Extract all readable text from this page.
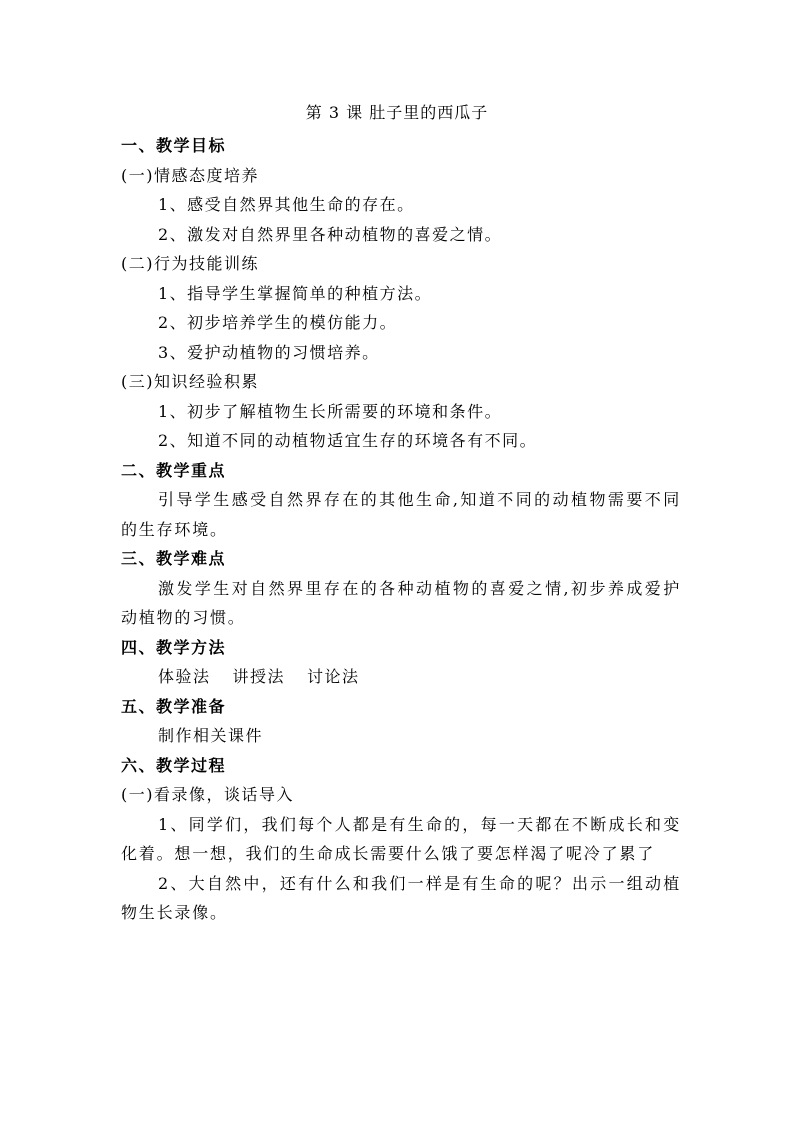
第 3 课 肚子里的西瓜子
一、教学目标
(一)情感态度培养
1、感受自然界其他生命的存在。
2、激发对自然界里各种动植物的喜爱之情。
(二)行为技能训练
1、指导学生掌握简单的种植方法。
2、初步培养学生的模仿能力。
3、爱护动植物的习惯培养。
(三)知识经验积累
1、初步了解植物生长所需要的环境和条件。
2、知道不同的动植物适宜生存的环境各有不同。
二、教学重点
引导学生感受自然界存在的其他生命,知道不同的动植物需要不同的生存环境。
三、教学难点
激发学生对自然界里存在的各种动植物的喜爱之情,初步养成爱护动植物的习惯。
四、教学方法
体验法 讲授法 讨论法
五、教学准备
制作相关课件
六、教学过程
(一)看录像，谈话导入
1、同学们，我们每个人都是有生命的，每一天都在不断成长和变化着。想一想，我们的生命成长需要什么饿了要怎样渴了呢冷了累了
2、大自然中，还有什么和我们一样是有生命的呢？出示一组动植物生长录像。
